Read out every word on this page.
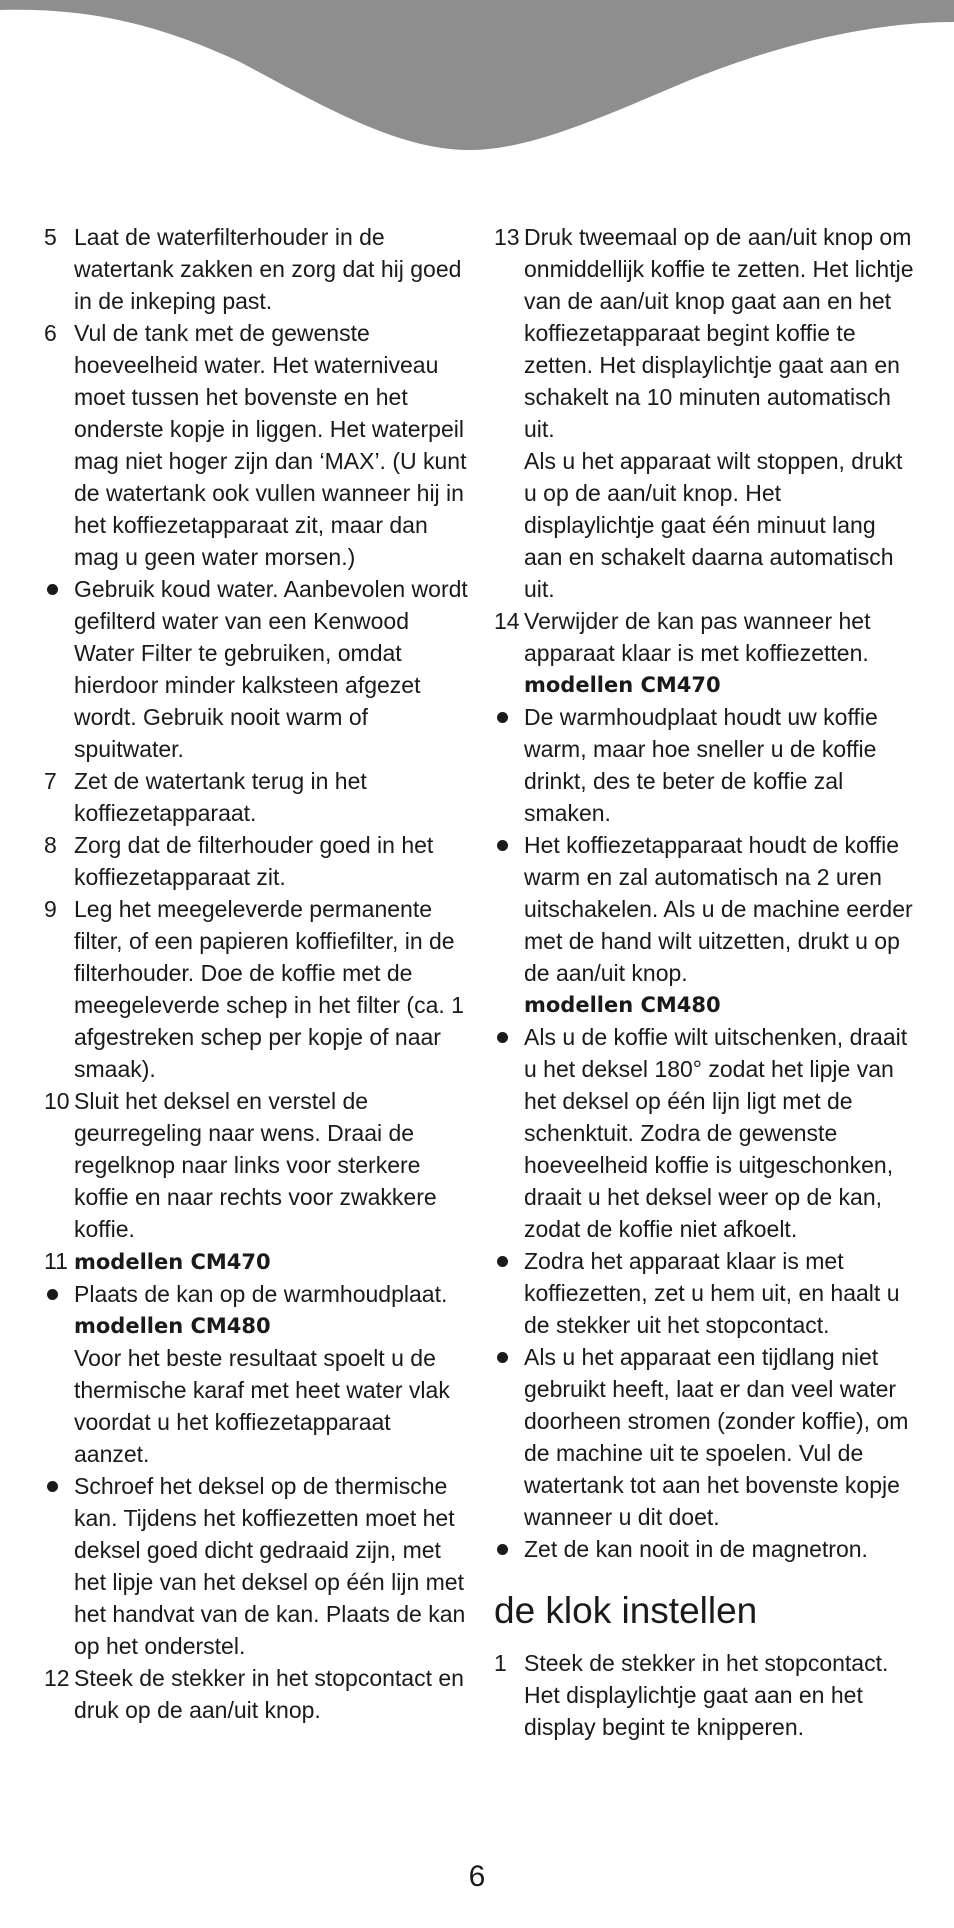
5 Laat de waterfilterhouder in de watertank zakken en zorg dat hij goed in de inkeping past.
6 Vul de tank met de gewenste hoeveelheid water. Het waterniveau moet tussen het bovenste en het onderste kopje in liggen. Het waterpeil mag niet hoger zijn dan ‘MAX’. (U kunt de watertank ook vullen wanneer hij in het koffiezetapparaat zit, maar dan mag u geen water morsen.)
Gebruik koud water. Aanbevolen wordt gefilterd water van een Kenwood Water Filter te gebruiken, omdat hierdoor minder kalksteen afgezet wordt. Gebruik nooit warm of spuitwater.
7 Zet de watertank terug in het koffiezetapparaat.
8 Zorg dat de filterhouder goed in het koffiezetapparaat zit.
9 Leg het meegeleverde permanente filter, of een papieren koffiefilter, in de filterhouder. Doe de koffie met de meegeleverde schep in het filter (ca. 1 afgestreken schep per kopje of naar smaak).
10 Sluit het deksel en verstel de geurregeling naar wens. Draai de regelknop naar links voor sterkere koffie en naar rechts voor zwakkere koffie.
11 modellen CM470
Plaats de kan op de warmhoudplaat.
modellen CM480
Voor het beste resultaat spoelt u de thermische karaf met heet water vlak voordat u het koffiezetapparaat aanzet.
Schroef het deksel op de thermische kan. Tijdens het koffiezetten moet het deksel goed dicht gedraaid zijn, met het lipje van het deksel op één lijn met het handvat van de kan. Plaats de kan op het onderstel.
12 Steek de stekker in het stopcontact en druk op de aan/uit knop.
13 Druk tweemaal op de aan/uit knop om onmiddellijk koffie te zetten. Het lichtje van de aan/uit knop gaat aan en het koffiezetapparaat begint koffie te zetten. Het displaylichtje gaat aan en schakelt na 10 minuten automatisch uit.
Als u het apparaat wilt stoppen, drukt u op de aan/uit knop. Het displaylichtje gaat één minuut lang aan en schakelt daarna automatisch uit.
14 Verwijder de kan pas wanneer het apparaat klaar is met koffiezetten.
modellen CM470
De warmhoudplaat houdt uw koffie warm, maar hoe sneller u de koffie drinkt, des te beter de koffie zal smaken.
Het koffiezetapparaat houdt de koffie warm en zal automatisch na 2 uren uitschakelen. Als u de machine eerder met de hand wilt uitzetten, drukt u op de aan/uit knop.
modellen CM480
Als u de koffie wilt uitschenken, draait u het deksel 180° zodat het lipje van het deksel op één lijn ligt met de schenktuit. Zodra de gewenste hoeveelheid koffie is uitgeschonken, draait u het deksel weer op de kan, zodat de koffie niet afkoelt.
Zodra het apparaat klaar is met koffiezetten, zet u hem uit, en haalt u de stekker uit het stopcontact.
Als u het apparaat een tijdlang niet gebruikt heeft, laat er dan veel water doorheen stromen (zonder koffie), om de machine uit te spoelen. Vul de watertank tot aan het bovenste kopje wanneer u dit doet.
Zet de kan nooit in de magnetron.
de klok instellen
1 Steek de stekker in het stopcontact. Het displaylichtje gaat aan en het display begint te knipperen.
6
